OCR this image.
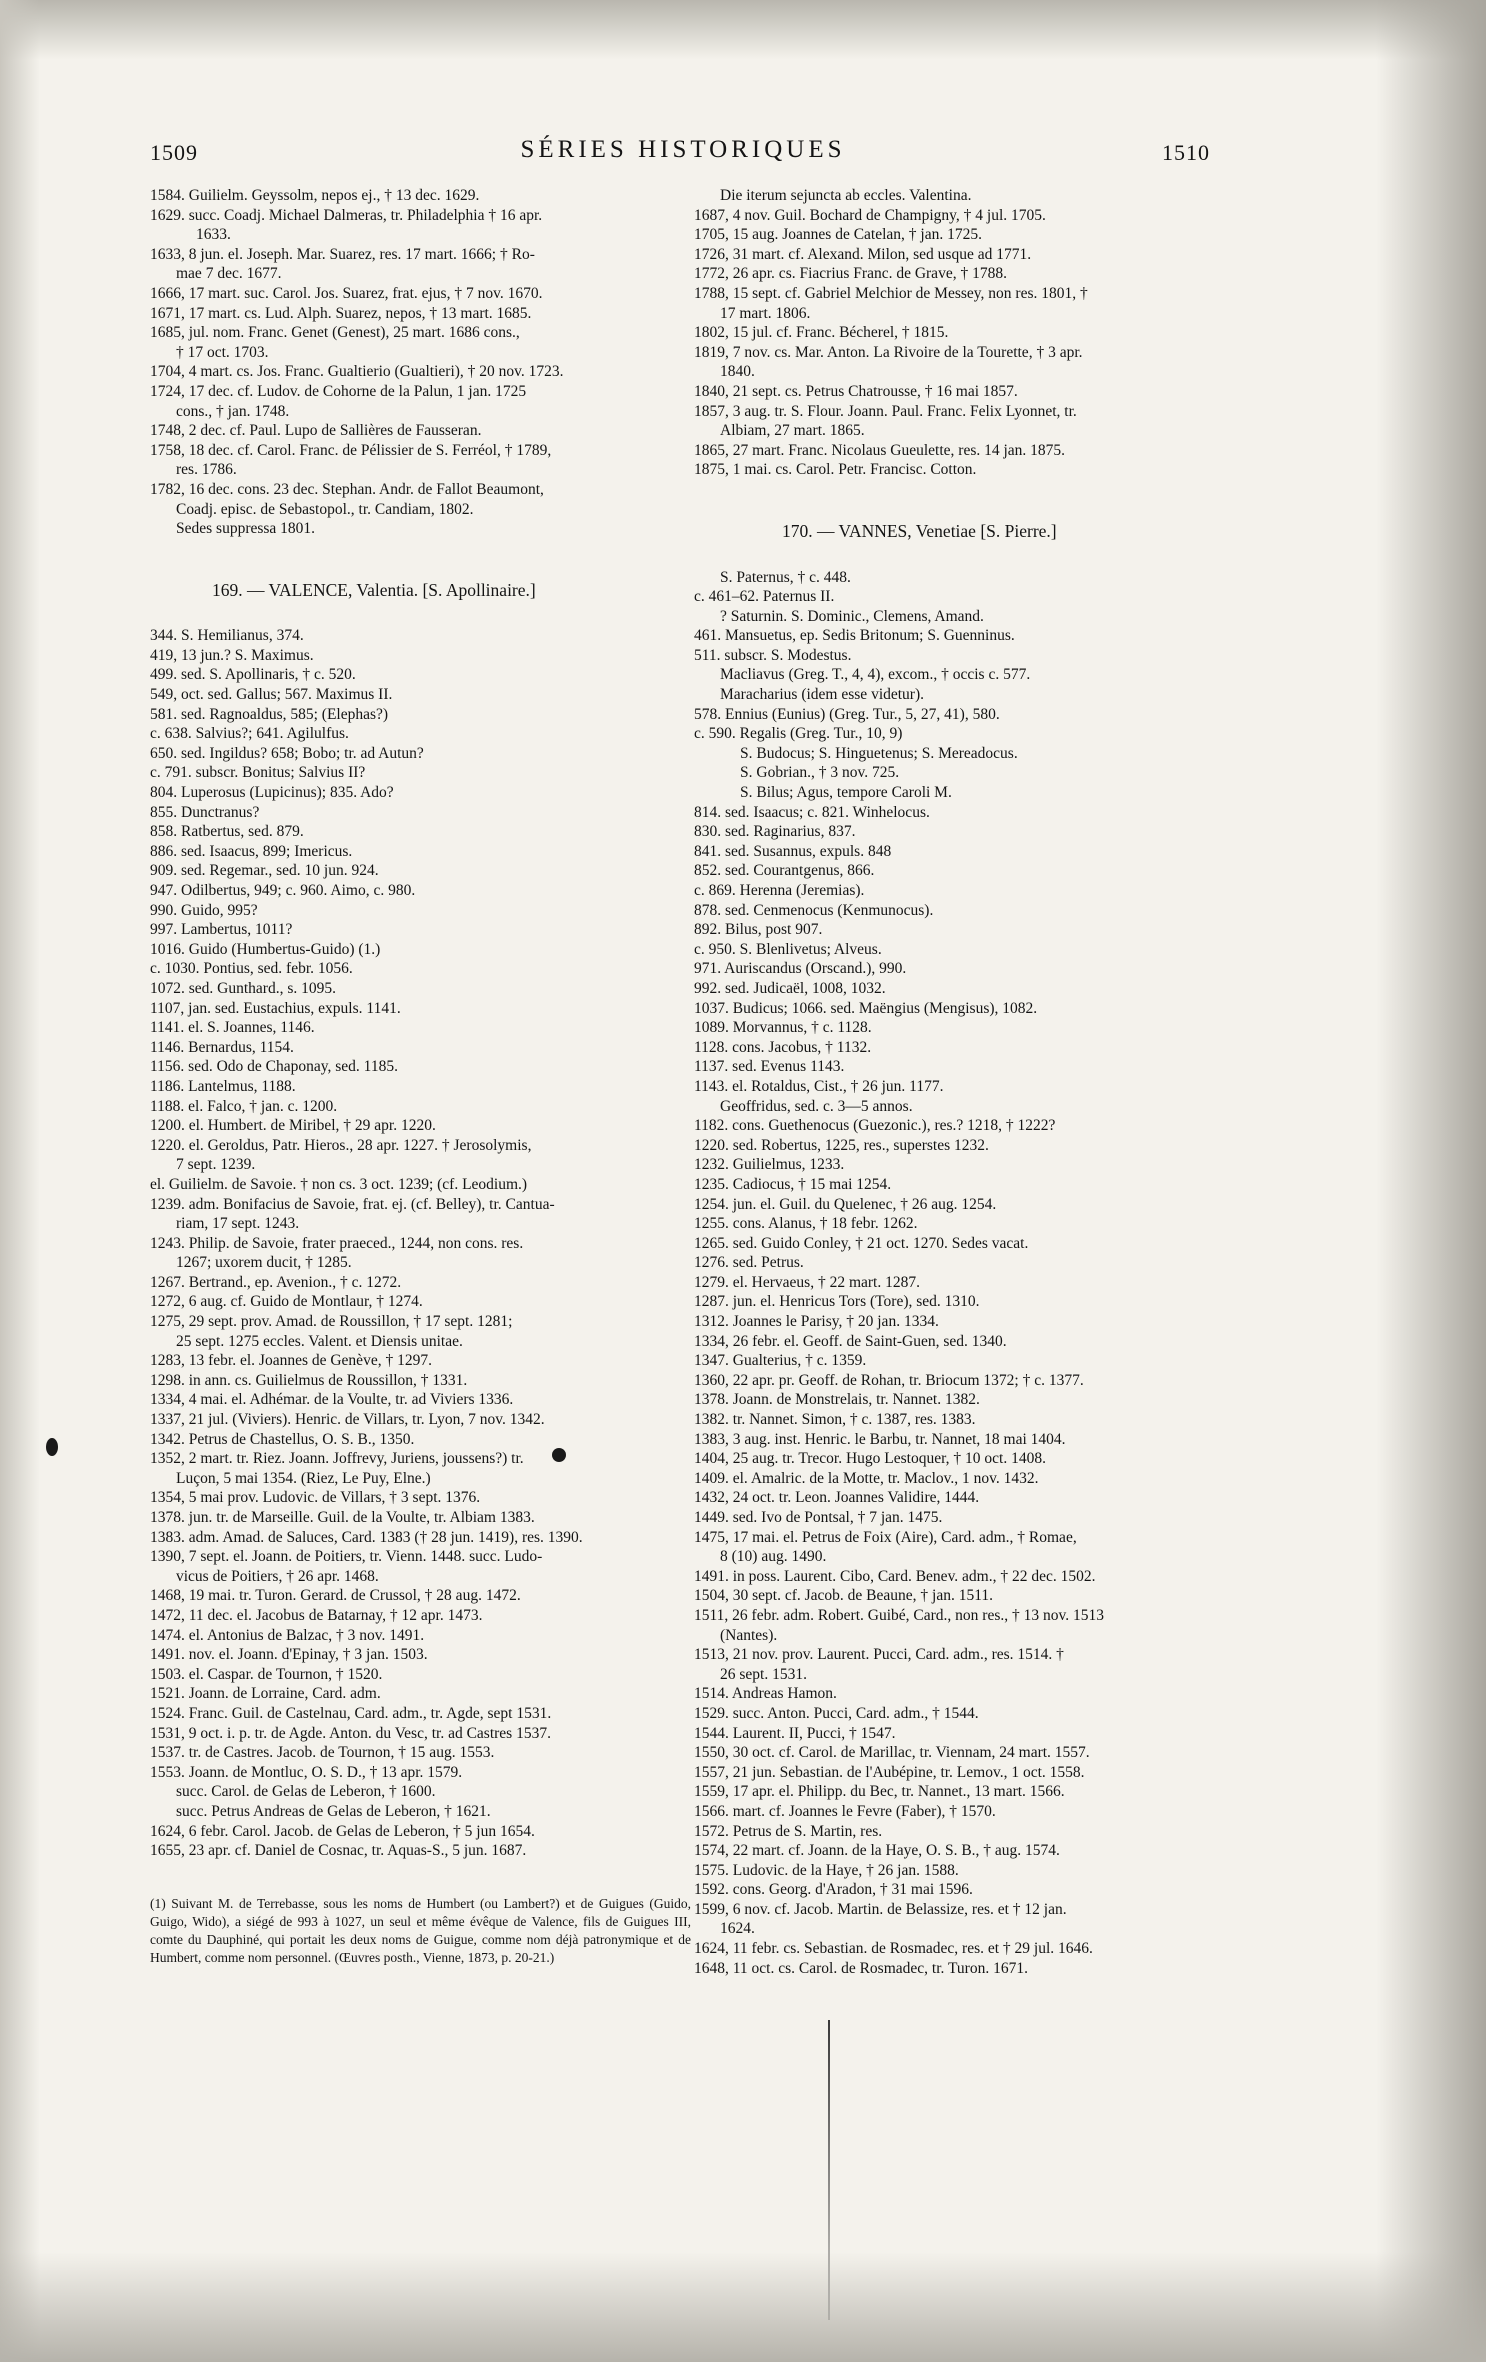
1509	SÉRIES HISTORIQUES	1510
1584. Guilielm. Geyssolm, nepos ej., † 13 dec. 1629.
1629. succ. Coadj. Michael Dalmeras, tr. Philadelphia † 16 apr.
1633.
1633, 8 jun. el. Joseph. Mar. Suarez, res. 17 mart. 1666; † Ro-
mae 7 dec. 1677.
1666, 17 mart. suc. Carol. Jos. Suarez, frat. ejus, † 7 nov. 1670.
1671, 17 mart. cs. Lud. Alph. Suarez, nepos, † 13 mart. 1685.
1685, jul. nom. Franc. Genet (Genest), 25 mart. 1686 cons.,
† 17 oct. 1703.
1704, 4 mart. cs. Jos. Franc. Gualtierio (Gualtieri), † 20 nov. 1723.
1724, 17 dec. cf. Ludov. de Cohorne de la Palun, 1 jan. 1725
cons., † jan. 1748.
1748, 2 dec. cf. Paul. Lupo de Sallières de Fausseran.
1758, 18 dec. cf. Carol. Franc. de Pélissier de S. Ferréol, † 1789,
res. 1786.
1782, 16 dec. cons. 23 dec. Stephan. Andr. de Fallot Beaumont,
Coadj. episc. de Sebastopol., tr. Candiam, 1802.
Sedes suppressa 1801.
169. — VALENCE, Valentia. [S. Apollinaire.]
344. S. Hemilianus, 374.
419, 13 jun.? S. Maximus.
499. sed. S. Apollinaris, † c. 520.
549, oct. sed. Gallus; 567. Maximus II.
581. sed. Ragnoaldus, 585; (Elephas?)
c. 638. Salvius?; 641. Agilulfus.
650. sed. Ingildus? 658; Bobo; tr. ad Autun?
c. 791. subscr. Bonitus; Salvius II?
804. Luperosus (Lupicinus); 835. Ado?
855. Dunctranus?
858. Ratbertus, sed. 879.
886. sed. Isaacus, 899; Imericus.
909. sed. Regemar., sed. 10 jun. 924.
947. Odilbertus, 949; c. 960. Aimo, c. 980.
990. Guido, 995?
997. Lambertus, 1011?
1016. Guido (Humbertus-Guido) (1.)
c. 1030. Pontius, sed. febr. 1056.
1072. sed. Gunthard., s. 1095.
1107, jan. sed. Eustachius, expuls. 1141.
1141. el. S. Joannes, 1146.
1146. Bernardus, 1154.
1156. sed. Odo de Chaponay, sed. 1185.
1186. Lantelmus, 1188.
1188. el. Falco, † jan. c. 1200.
1200. el. Humbert. de Miribel, † 29 apr. 1220.
1220. el. Geroldus, Patr. Hieros., 28 apr. 1227. † Jerosolymis,
7 sept. 1239.
el. Guilielm. de Savoie. † non cs. 3 oct. 1239; (cf. Leodium.)
1239. adm. Bonifacius de Savoie, frat. ej. (cf. Belley), tr. Cantua-
riam, 17 sept. 1243.
1243. Philip. de Savoie, frater praeced., 1244, non cons. res.
1267; uxorem ducit, † 1285.
1267. Bertrand., ep. Avenion., † c. 1272.
1272, 6 aug. cf. Guido de Montlaur, † 1274.
1275, 29 sept. prov. Amad. de Roussillon, † 17 sept. 1281;
25 sept. 1275 eccles. Valent. et Diensis unitae.
1283, 13 febr. el. Joannes de Genève, † 1297.
1298. in ann. cs. Guilielmus de Roussillon, † 1331.
1334, 4 mai. el. Adhémar. de la Voulte, tr. ad Viviers 1336.
1337, 21 jul. (Viviers). Henric. de Villars, tr. Lyon, 7 nov. 1342.
1342. Petrus de Chastellus, O. S. B., 1350.
1352, 2 mart. tr. Riez. Joann. Joffrevy, Juriens, joussens?) tr.
Luçon, 5 mai 1354. (Riez, Le Puy, Elne.)
1354, 5 mai prov. Ludovic. de Villars, † 3 sept. 1376.
1378. jun. tr. de Marseille. Guil. de la Voulte, tr. Albiam 1383.
1383. adm. Amad. de Saluces, Card. 1383 († 28 jun. 1419), res. 1390.
1390, 7 sept. el. Joann. de Poitiers, tr. Vienn. 1448. succ. Ludo-
vicus de Poitiers, † 26 apr. 1468.
1468, 19 mai. tr. Turon. Gerard. de Crussol, † 28 aug. 1472.
1472, 11 dec. el. Jacobus de Batarnay, † 12 apr. 1473.
1474. el. Antonius de Balzac, † 3 nov. 1491.
1491. nov. el. Joann. d'Epinay, † 3 jan. 1503.
1503. el. Caspar. de Tournon, † 1520.
1521. Joann. de Lorraine, Card. adm.
1524. Franc. Guil. de Castelnau, Card. adm., tr. Agde, sept 1531.
1531, 9 oct. i. p. tr. de Agde. Anton. du Vesc, tr. ad Castres 1537.
1537. tr. de Castres. Jacob. de Tournon, † 15 aug. 1553.
1553. Joann. de Montluc, O. S. D., † 13 apr. 1579.
succ. Carol. de Gelas de Leberon, † 1600.
succ. Petrus Andreas de Gelas de Leberon, † 1621.
1624, 6 febr. Carol. Jacob. de Gelas de Leberon, † 5 jun 1654.
1655, 23 apr. cf. Daniel de Cosnac, tr. Aquas-S., 5 jun. 1687.
(1) Suivant M. de Terrebasse, sous les noms de Humbert (ou Lambert?) et de Guigues (Guido, Guigo, Wido), a siégé de 993 à 1027, un seul et même évêque de Valence, fils de Guigues III, comte du Dauphiné, qui portait les deux noms de Guigue, comme nom déjà patronymique et de Humbert, comme nom personnel. (Œuvres posth., Vienne, 1873, p. 20-21.)
Die iterum sejuncta ab eccles. Valentina.
1687, 4 nov. Guil. Bochard de Champigny, † 4 jul. 1705.
1705, 15 aug. Joannes de Catelan, † jan. 1725.
1726, 31 mart. cf. Alexand. Milon, sed usque ad 1771.
1772, 26 apr. cs. Fiacrius Franc. de Grave, † 1788.
1788, 15 sept. cf. Gabriel Melchior de Messey, non res. 1801, †
17 mart. 1806.
1802, 15 jul. cf. Franc. Bécherel, † 1815.
1819, 7 nov. cs. Mar. Anton. La Rivoire de la Tourette, † 3 apr.
1840.
1840, 21 sept. cs. Petrus Chatrousse, † 16 mai 1857.
1857, 3 aug. tr. S. Flour. Joann. Paul. Franc. Felix Lyonnet, tr.
Albiam, 27 mart. 1865.
1865, 27 mart. Franc. Nicolaus Gueulette, res. 14 jan. 1875.
1875, 1 mai. cs. Carol. Petr. Francisc. Cotton.
170. — VANNES, Venetiae [S. Pierre.]
S. Paternus, † c. 448.
c. 461–62. Paternus II.
? Saturnin. S. Dominic., Clemens, Amand.
461. Mansuetus, ep. Sedis Britonum; S. Guenninus.
511. subscr. S. Modestus.
Macliavus (Greg. T., 4, 4), excom., † occis c. 577.
Maracharius (idem esse videtur).
578. Ennius (Eunius) (Greg. Tur., 5, 27, 41), 580.
c. 590. Regalis (Greg. Tur., 10, 9)
S. Budocus; S. Hinguetenus; S. Mereadocus.
S. Gobrian., † 3 nov. 725.
S. Bilus; Agus, tempore Caroli M.
814. sed. Isaacus; c. 821. Winhelocus.
830. sed. Raginarius, 837.
841. sed. Susannus, expuls. 848
852. sed. Courantgenus, 866.
c. 869. Herenna (Jeremias).
878. sed. Cenmenocus (Kenmunocus).
892. Bilus, post 907.
c. 950. S. Blenlivetus; Alveus.
971. Auriscandus (Orscand.), 990.
992. sed. Judicaël, 1008, 1032.
1037. Budicus; 1066. sed. Maëngius (Mengisus), 1082.
1089. Morvannus, † c. 1128.
1128. cons. Jacobus, † 1132.
1137. sed. Evenus 1143.
1143. el. Rotaldus, Cist., † 26 jun. 1177.
Geoffridus, sed. c. 3—5 annos.
1182. cons. Guethenocus (Guezonic.), res.? 1218, † 1222?
1220. sed. Robertus, 1225, res., superstes 1232.
1232. Guilielmus, 1233.
1235. Cadiocus, † 15 mai 1254.
1254. jun. el. Guil. du Quelenec, † 26 aug. 1254.
1255. cons. Alanus, † 18 febr. 1262.
1265. sed. Guido Conley, † 21 oct. 1270. Sedes vacat.
1276. sed. Petrus.
1279. el. Hervaeus, † 22 mart. 1287.
1287. jun. el. Henricus Tors (Tore), sed. 1310.
1312. Joannes le Parisy, † 20 jan. 1334.
1334, 26 febr. el. Geoff. de Saint-Guen, sed. 1340.
1347. Gualterius, † c. 1359.
1360, 22 apr. pr. Geoff. de Rohan, tr. Briocum 1372; † c. 1377.
1378. Joann. de Monstrelais, tr. Nannet. 1382.
1382. tr. Nannet. Simon, † c. 1387, res. 1383.
1383, 3 aug. inst. Henric. le Barbu, tr. Nannet, 18 mai 1404.
1404, 25 aug. tr. Trecor. Hugo Lestoquer, † 10 oct. 1408.
1409. el. Amalric. de la Motte, tr. Maclov., 1 nov. 1432.
1432, 24 oct. tr. Leon. Joannes Validire, 1444.
1449. sed. Ivo de Pontsal, † 7 jan. 1475.
1475, 17 mai. el. Petrus de Foix (Aire), Card. adm., † Romae,
8 (10) aug. 1490.
1491. in poss. Laurent. Cibo, Card. Benev. adm., † 22 dec. 1502.
1504, 30 sept. cf. Jacob. de Beaune, † jan. 1511.
1511, 26 febr. adm. Robert. Guibé, Card., non res., † 13 nov. 1513
(Nantes).
1513, 21 nov. prov. Laurent. Pucci, Card. adm., res. 1514. †
26 sept. 1531.
1514. Andreas Hamon.
1529. succ. Anton. Pucci, Card. adm., † 1544.
1544. Laurent. II, Pucci, † 1547.
1550, 30 oct. cf. Carol. de Marillac, tr. Viennam, 24 mart. 1557.
1557, 21 jun. Sebastian. de l'Aubépine, tr. Lemov., 1 oct. 1558.
1559, 17 apr. el. Philipp. du Bec, tr. Nannet., 13 mart. 1566.
1566. mart. cf. Joannes le Fevre (Faber), † 1570.
1572. Petrus de S. Martin, res.
1574, 22 mart. cf. Joann. de la Haye, O. S. B., † aug. 1574.
1575. Ludovic. de la Haye, † 26 jan. 1588.
1592. cons. Georg. d'Aradon, † 31 mai 1596.
1599, 6 nov. cf. Jacob. Martin. de Belassize, res. et † 12 jan.
1624.
1624, 11 febr. cs. Sebastian. de Rosmadec, res. et † 29 jul. 1646.
1648, 11 oct. cs. Carol. de Rosmadec, tr. Turon. 1671.
